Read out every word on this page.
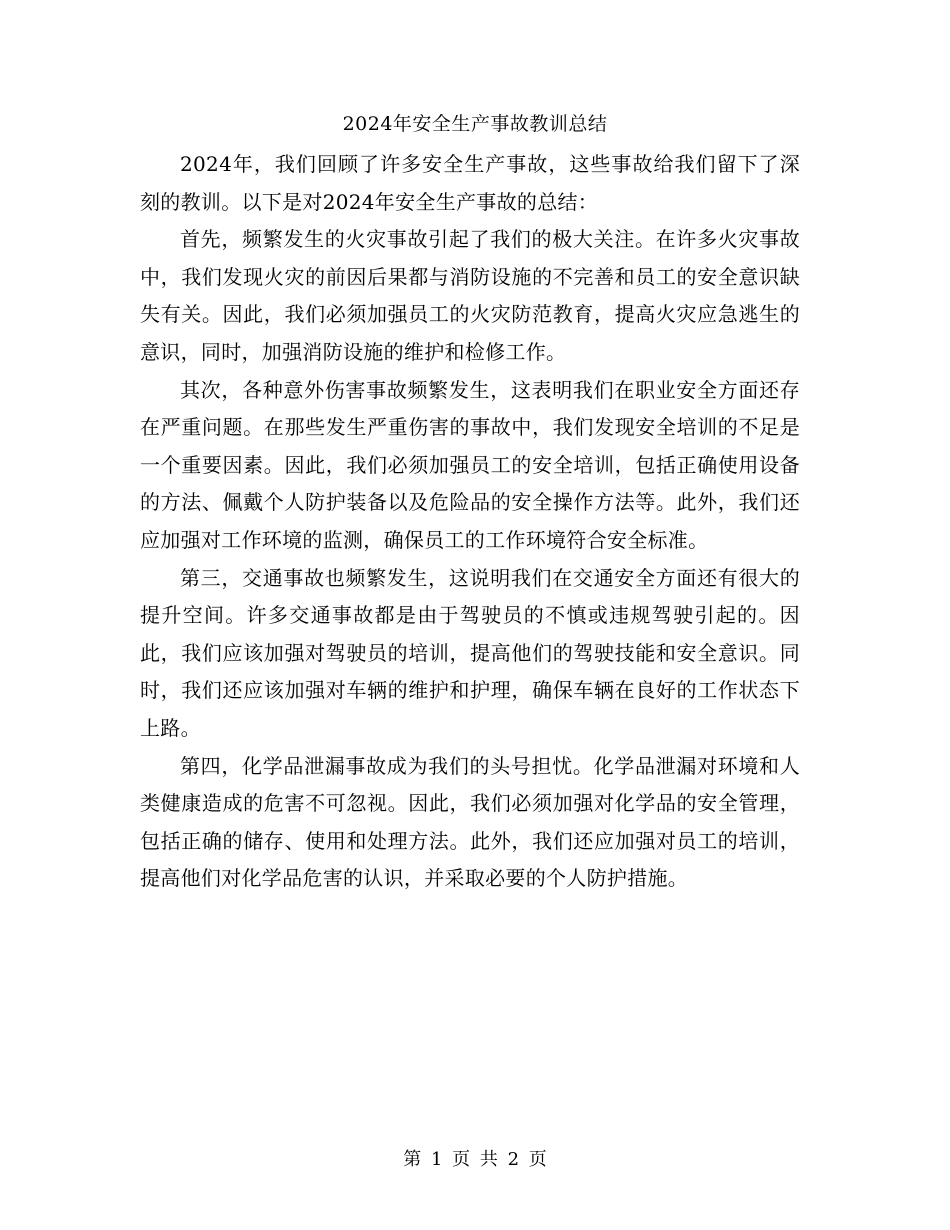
2024年安全生产事故教训总结

2024年，我们回顾了许多安全生产事故，这些事故给我们留下了深刻的教训。以下是对2024年安全生产事故的总结：

首先，频繁发生的火灾事故引起了我们的极大关注。在许多火灾事故中，我们发现火灾的前因后果都与消防设施的不完善和员工的安全意识缺失有关。因此，我们必须加强员工的火灾防范教育，提高火灾应急逃生的意识，同时，加强消防设施的维护和检修工作。

其次，各种意外伤害事故频繁发生，这表明我们在职业安全方面还存在严重问题。在那些发生严重伤害的事故中，我们发现安全培训的不足是一个重要因素。因此，我们必须加强员工的安全培训，包括正确使用设备的方法、佩戴个人防护装备以及危险品的安全操作方法等。此外，我们还应加强对工作环境的监测，确保员工的工作环境符合安全标准。

第三，交通事故也频繁发生，这说明我们在交通安全方面还有很大的提升空间。许多交通事故都是由于驾驶员的不慎或违规驾驶引起的。因此，我们应该加强对驾驶员的培训，提高他们的驾驶技能和安全意识。同时，我们还应该加强对车辆的维护和护理，确保车辆在良好的工作状态下上路。

第四，化学品泄漏事故成为我们的头号担忧。化学品泄漏对环境和人类健康造成的危害不可忽视。因此，我们必须加强对化学品的安全管理，包括正确的储存、使用和处理方法。此外，我们还应加强对员工的培训，提高他们对化学品危害的认识，并采取必要的个人防护措施。

第 1 页 共 2 页
